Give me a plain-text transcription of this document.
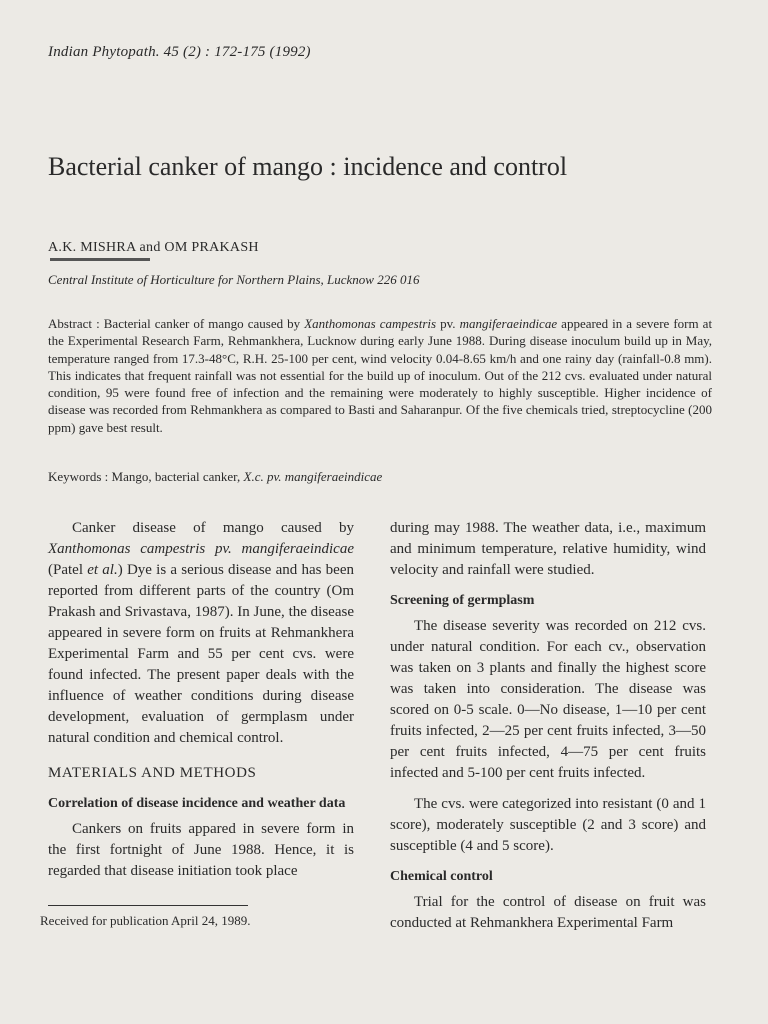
Indian Phytopath. 45 (2) : 172-175 (1992)
Bacterial canker of mango : incidence and control
A.K. MISHRA and OM PRAKASH
Central Institute of Horticulture for Northern Plains, Lucknow 226 016

Abstract : Bacterial canker of mango caused by Xanthomonas campestris pv. mangiferaeindicae appeared in a severe form at the Experimental Research Farm, Rehmankhera, Lucknow during early June 1988. During disease inoculum build up in May, temperature ranged from 17.3-48°C, R.H. 25-100 per cent, wind velocity 0.04-8.65 km/h and one rainy day (rainfall-0.8 mm). This indicates that frequent rainfall was not essential for the build up of inoculum. Out of the 212 cvs. evaluated under natural condition, 95 were found free of infection and the remaining were moderately to highly susceptible. Higher incidence of disease was recorded from Rehmankhera as compared to Basti and Saharanpur. Of the five chemicals tried, streptocycline (200 ppm) gave best result.

Keywords : Mango, bacterial canker, X.c. pv. mangiferaeindicae

Canker disease of mango caused by Xanthomonas campestris pv. mangiferaeindicae (Patel et al.) Dye is a serious disease and has been reported from different parts of the country (Om Prakash and Srivastava, 1987). In June, the disease appeared in severe form on fruits at Rehmankhera Experimental Farm and 55 per cent cvs. were found infected. The present paper deals with the influence of weather conditions during disease development, evaluation of germplasm under natural condition and chemical control.

MATERIALS AND METHODS
Correlation of disease incidence and weather data

Cankers on fruits appared in severe form in the first fortnight of June 1988. Hence, it is regarded that disease initiation took place

during may 1988. The weather data, i.e., maximum and minimum temperature, relative humidity, wind velocity and rainfall were studied.

Screening of germplasm

The disease severity was recorded on 212 cvs. under natural condition. For each cv., observation was taken on 3 plants and finally the highest score was taken into consideration. The disease was scored on 0-5 scale. 0—No disease, 1—10 per cent fruits infected, 2—25 per cent fruits infected, 3—50 per cent fruits infected, 4—75 per cent fruits infected and 5-100 per cent fruits infected.

The cvs. were categorized into resistant (0 and 1 score), moderately susceptible (2 and 3 score) and susceptible (4 and 5 score).

Chemical control

Trial for the control of disease on fruit was conducted at Rehmankhera Experimental Farm

Received for publication April 24, 1989.
